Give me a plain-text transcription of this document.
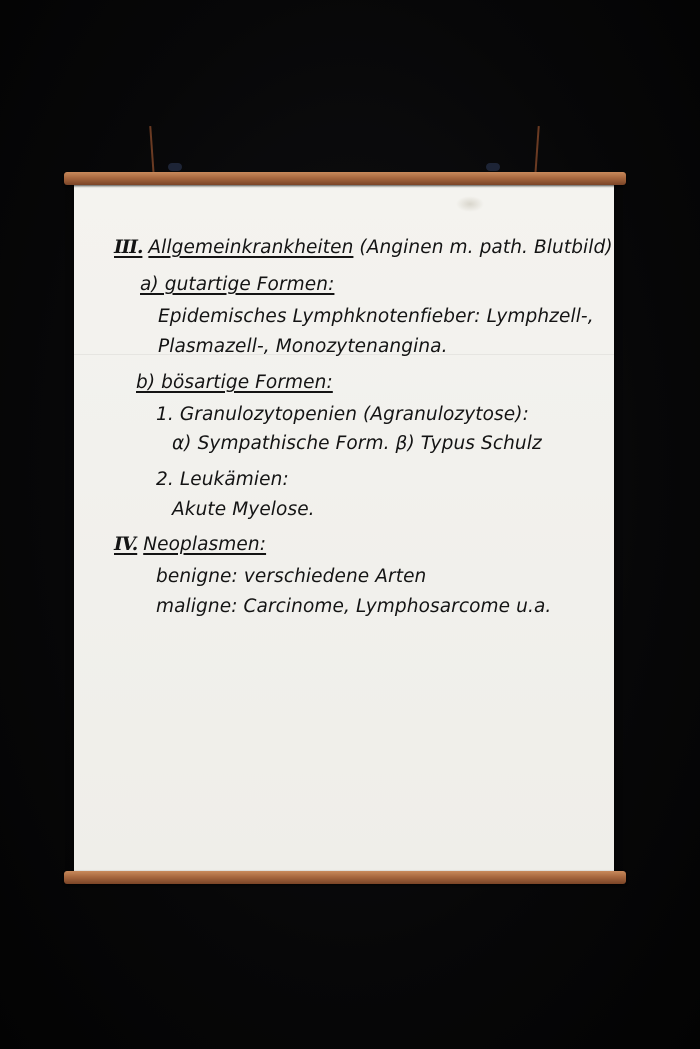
III. Allgemeinkrankheiten (Anginen m. path. Blutbild)
a) gutartige Formen:
Epidemisches Lymphknotenfieber: Lymphzell-,
Plasmazell-, Monozytenangina.
b) bösartige Formen:
1. Granulozytopenien (Agranulozytose):
α) Sympathische Form. β) Typus Schulz
2. Leukämien:
Akute Myelose.
IV. Neoplasmen:
benigne: verschiedene Arten
maligne: Carcinome, Lymphosarcome u.a.
